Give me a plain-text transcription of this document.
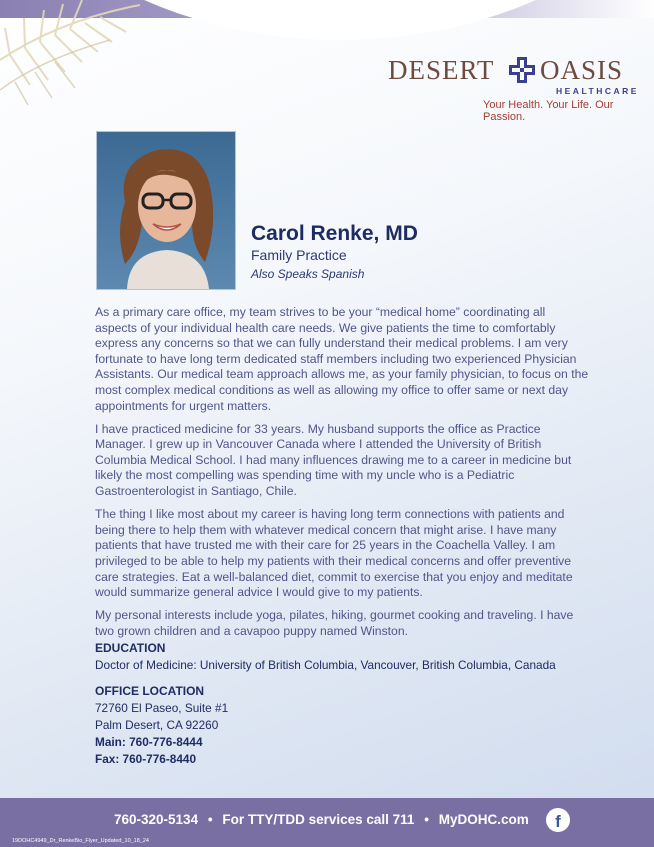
DESERT OASIS
HEALTHCARE
Your Health. Your Life. Our Passion.
Carol Renke, MD
Family Practice
Also Speaks Spanish

As a primary care office, my team strives to be your “medical home” coordinating all aspects of your individual health care needs. We give patients the time to comfortably express any concerns so that we can fully understand their medical problems. I am very fortunate to have long term dedicated staff members including two experienced Physician Assistants. Our medical team approach allows me, as your family physician, to focus on the most complex medical conditions as well as allowing my office to offer same or next day appointments for urgent matters.

I have practiced medicine for 33 years. My husband supports the office as Practice Manager. I grew up in Vancouver Canada where I attended the University of British Columbia Medical School. I had many influences drawing me to a career in medicine but likely the most compelling was spending time with my uncle who is a Pediatric Gastroenterologist in Santiago, Chile.

The thing I like most about my career is having long term connections with patients and being there to help them with whatever medical concern that might arise. I have many patients that have trusted me with their care for 25 years in the Coachella Valley. I am privileged to be able to help my patients with their medical concerns and offer preventive care strategies. Eat a well-balanced diet, commit to exercise that you enjoy and meditate would summarize general advice I would give to my patients.

My personal interests include yoga, pilates, hiking, gourmet cooking and traveling. I have two grown children and a cavapoo puppy named Winston.

EDUCATION
Doctor of Medicine: University of British Columbia, Vancouver, British Columbia, Canada
OFFICE LOCATION
72760 El Paseo, Suite #1
Palm Desert, CA 92260
Main: 760-776-8444
Fax: 760-776-8440
760-320-5134 • For TTY/TDD services call 711 • MyDOHC.com	f
19DOHC4949_Dr_RenkeBio_Flyer_Updated_10_18_24
